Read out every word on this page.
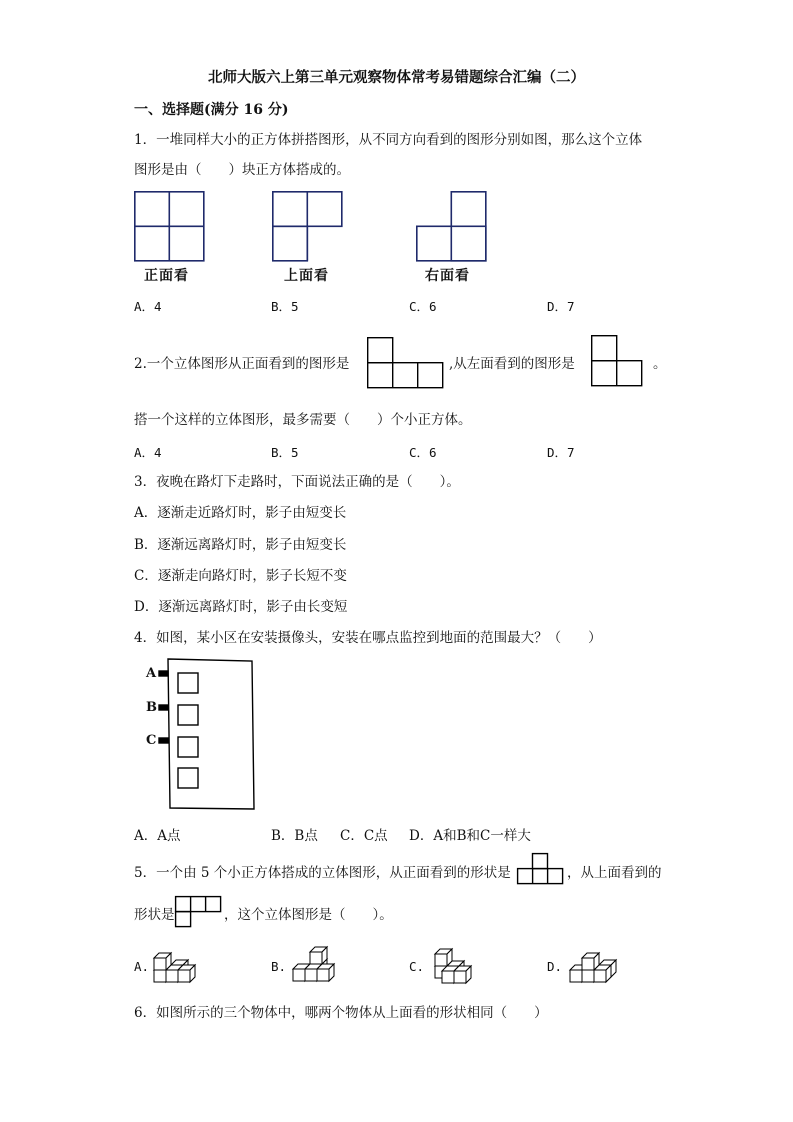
北师大版六上第三单元观察物体常考易错题综合汇编（二）
一、选择题(满分 16 分)
1．一堆同样大小的正方体拼搭图形，从不同方向看到的图形分别如图，那么这个立体
图形是由（　　）块正方体搭成的。
正面看	上面看	右面看
A．4	B．5	C．6	D．7
2.一个立体图形从正面看到的图形是	,从左面看到的图形是	。
搭一个这样的立体图形，最多需要（　　）个小正方体。
A．4	B．5	C．6	D．7
3．夜晚在路灯下走路时，下面说法正确的是（　　）。
A．逐渐走近路灯时，影子由短变长
B．逐渐远离路灯时，影子由短变长
C．逐渐走向路灯时，影子长短不变
D．逐渐远离路灯时，影子由长变短
4．如图，某小区在安装摄像头，安装在哪点监控到地面的范围最大？（　　）
A
B
C
A．A点	B．B点 C．C点 D．A和B和C一样大
5．一个由 5 个小正方体搭成的立体图形，从正面看到的形状是	，从上面看到的
形状是	，这个立体图形是（　　）。
A.	B.	C.	D.
6．如图所示的三个物体中，哪两个物体从上面看的形状相同（　　）
